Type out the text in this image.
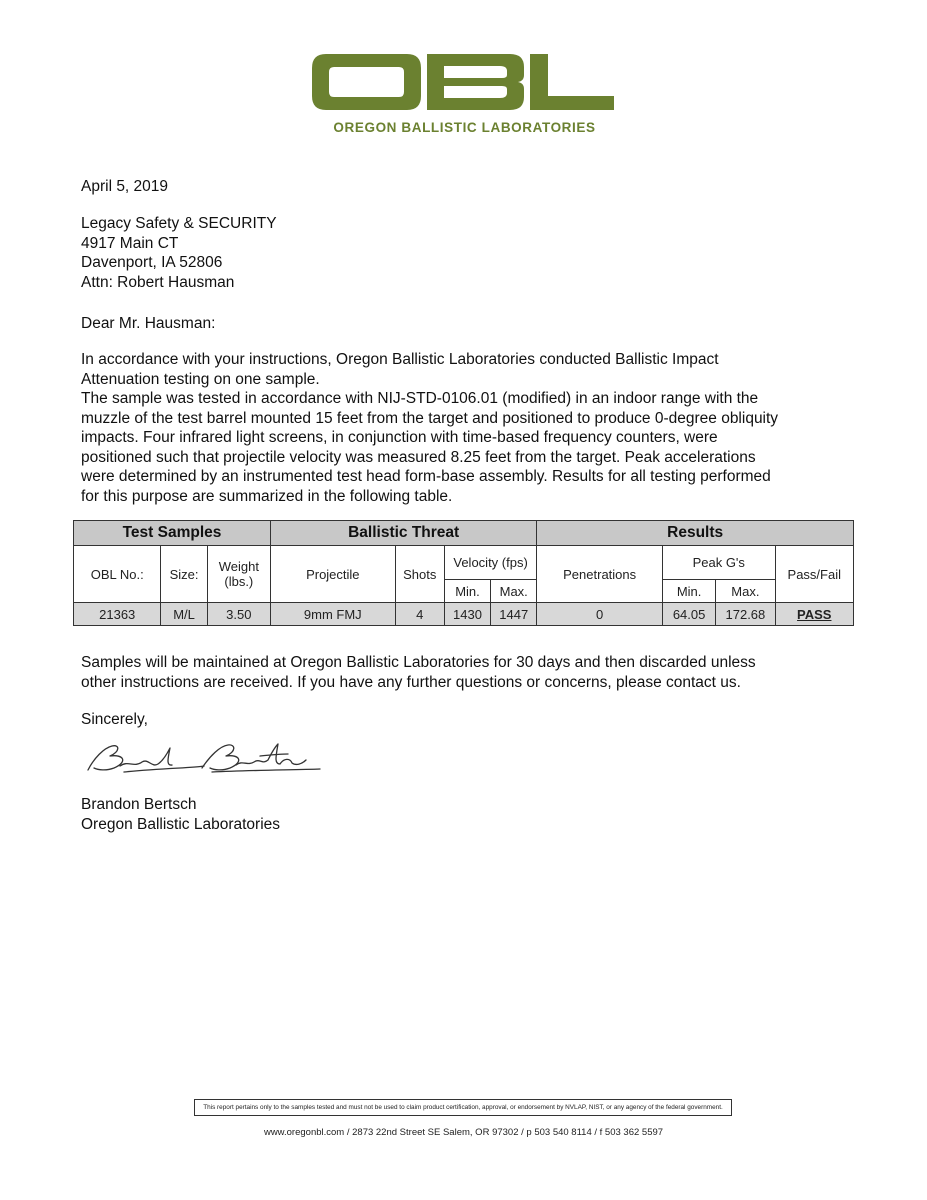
OREGON BALLISTIC LABORATORIES

April 5, 2019

Legacy Safety & SECURITY
4917 Main CT
Davenport, IA 52806
Attn: Robert Hausman

Dear Mr. Hausman:

In accordance with your instructions, Oregon Ballistic Laboratories conducted Ballistic Impact
Attenuation testing on one sample.
The sample was tested in accordance with NIJ-STD-0106.01 (modified) in an indoor range with the
muzzle of the test barrel mounted 15 feet from the target and positioned to produce 0-degree obliquity
impacts. Four infrared light screens, in conjunction with time-based frequency counters, were
positioned such that projectile velocity was measured 8.25 feet from the target. Peak accelerations
were determined by an instrumented test head form-base assembly. Results for all testing performed
for this purpose are summarized in the following table.
Test Samples			Ballistic Threat				Results			
OBL No.:	Size:	Weight (lbs.)	Projectile	Shots	Velocity (fps)		Penetrations	Peak G's		Pass/Fail
					Min.	Max.		Min.	Max.	
21363	M/L	3.50	9mm FMJ	4	1430	1447	0	64.05	172.68	PASS
Samples will be maintained at Oregon Ballistic Laboratories for 30 days and then discarded unless
other instructions are received. If you have any further questions or concerns, please contact us.

Sincerely,

Brandon Bertsch
Oregon Ballistic Laboratories
This report pertains only to the samples tested and must not be used to claim product certification, approval, or endorsement by NVLAP, NIST, or any agency of the federal government.
www.oregonbl.com / 2873 22nd Street SE Salem, OR 97302 / p 503 540 8114 / f 503 362 5597
